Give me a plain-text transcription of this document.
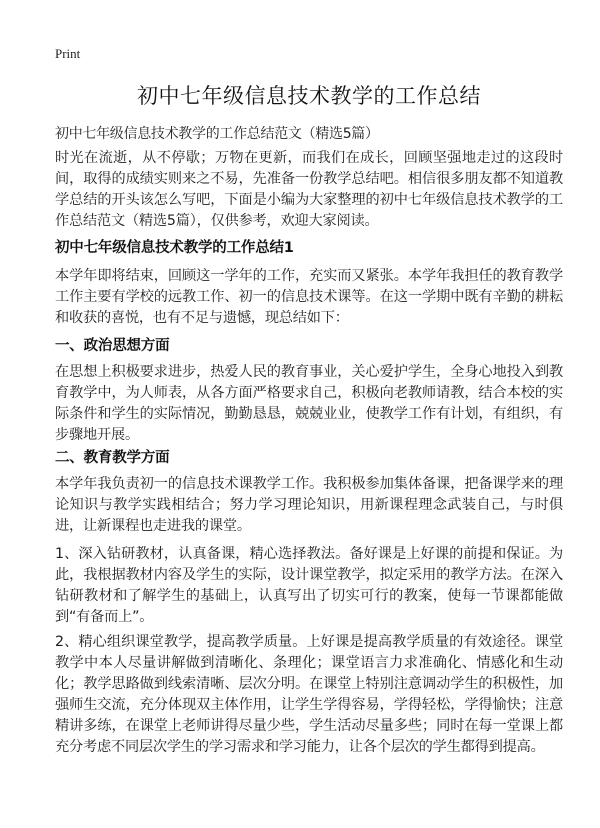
Print
初中七年级信息技术教学的工作总结
初中七年级信息技术教学的工作总结范文（精选5篇）

时光在流逝，从不停歇；万物在更新，而我们在成长，回顾坚强地走过的这段时间，取得的成绩实则来之不易，先准备一份教学总结吧。相信很多朋友都不知道教学总结的开头该怎么写吧，下面是小编为大家整理的初中七年级信息技术教学的工作总结范文（精选5篇），仅供参考，欢迎大家阅读。

初中七年级信息技术教学的工作总结1

本学年即将结束，回顾这一学年的工作，充实而又紧张。本学年我担任的教育教学工作主要有学校的远教工作、初一的信息技术课等。在这一学期中既有辛勤的耕耘和收获的喜悦，也有不足与遗憾，现总结如下：

一、政治思想方面

在思想上积极要求进步，热爱人民的教育事业，关心爱护学生，全身心地投入到教育教学中，为人师表，从各方面严格要求自己，积极向老教师请教，结合本校的实际条件和学生的实际情况，勤勤恳恳，兢兢业业，使教学工作有计划，有组织，有步骤地开展。

二、教育教学方面

本学年我负责初一的信息技术课教学工作。我积极参加集体备课，把备课学来的理论知识与教学实践相结合；努力学习理论知识，用新课程理念武装自己，与时俱进，让新课程也走进我的课堂。

1、深入钻研教材，认真备课，精心选择教法。备好课是上好课的前提和保证。为此，我根据教材内容及学生的实际，设计课堂教学，拟定采用的教学方法。在深入钻研教材和了解学生的基础上，认真写出了切实可行的教案，使每一节课都能做到“有备而上”。

2、精心组织课堂教学，提高教学质量。上好课是提高教学质量的有效途径。课堂教学中本人尽量讲解做到清晰化、条理化；课堂语言力求准确化、情感化和生动化；教学思路做到线索清晰、层次分明。在课堂上特别注意调动学生的积极性，加强师生交流，充分体现双主体作用，让学生学得容易，学得轻松，学得愉快；注意精讲多练，在课堂上老师讲得尽量少些，学生活动尽量多些；同时在每一堂课上都充分考虑不同层次学生的学习需求和学习能力，让各个层次的学生都得到提高。
